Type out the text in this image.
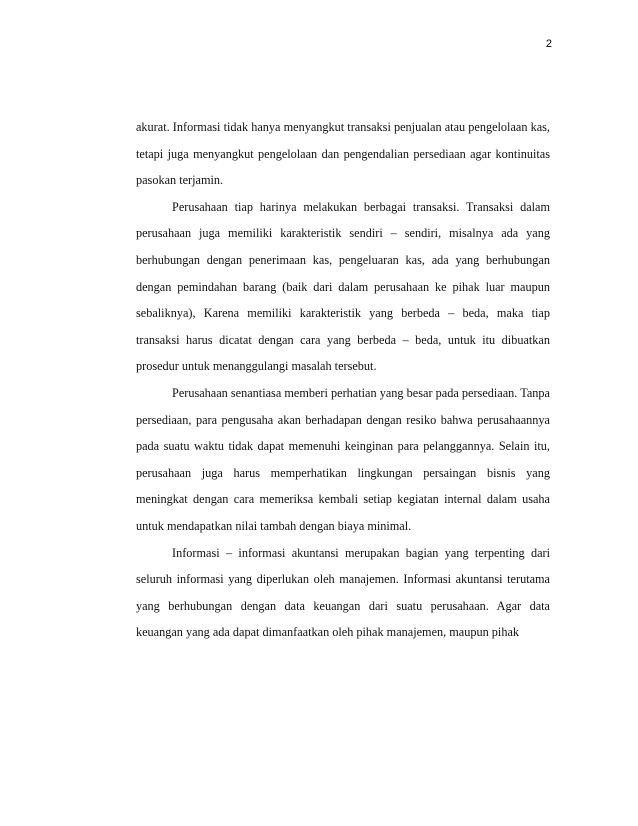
2

akurat. Informasi tidak hanya menyangkut transaksi penjualan atau pengelolaan kas, tetapi juga menyangkut pengelolaan dan pengendalian persediaan agar kontinuitas pasokan terjamin.

Perusahaan tiap harinya melakukan berbagai transaksi. Transaksi dalam perusahaan juga memiliki karakteristik sendiri – sendiri, misalnya ada yang berhubungan dengan penerimaan kas, pengeluaran kas, ada yang berhubungan dengan pemindahan barang (baik dari dalam perusahaan ke pihak luar maupun sebaliknya), Karena memiliki karakteristik yang berbeda – beda, maka tiap transaksi harus dicatat dengan cara yang berbeda – beda, untuk itu dibuatkan prosedur untuk menanggulangi masalah tersebut.

Perusahaan senantiasa memberi perhatian yang besar pada persediaan. Tanpa persediaan, para pengusaha akan berhadapan dengan resiko bahwa perusahaannya pada suatu waktu tidak dapat memenuhi keinginan para pelanggannya. Selain itu, perusahaan juga harus memperhatikan lingkungan persaingan bisnis yang meningkat dengan cara memeriksa kembali setiap kegiatan internal dalam usaha untuk mendapatkan nilai tambah dengan biaya minimal.

Informasi – informasi akuntansi merupakan bagian yang terpenting dari seluruh informasi yang diperlukan oleh manajemen. Informasi akuntansi terutama yang berhubungan dengan data keuangan dari suatu perusahaan. Agar data keuangan yang ada dapat dimanfaatkan oleh pihak manajemen, maupun pihak
